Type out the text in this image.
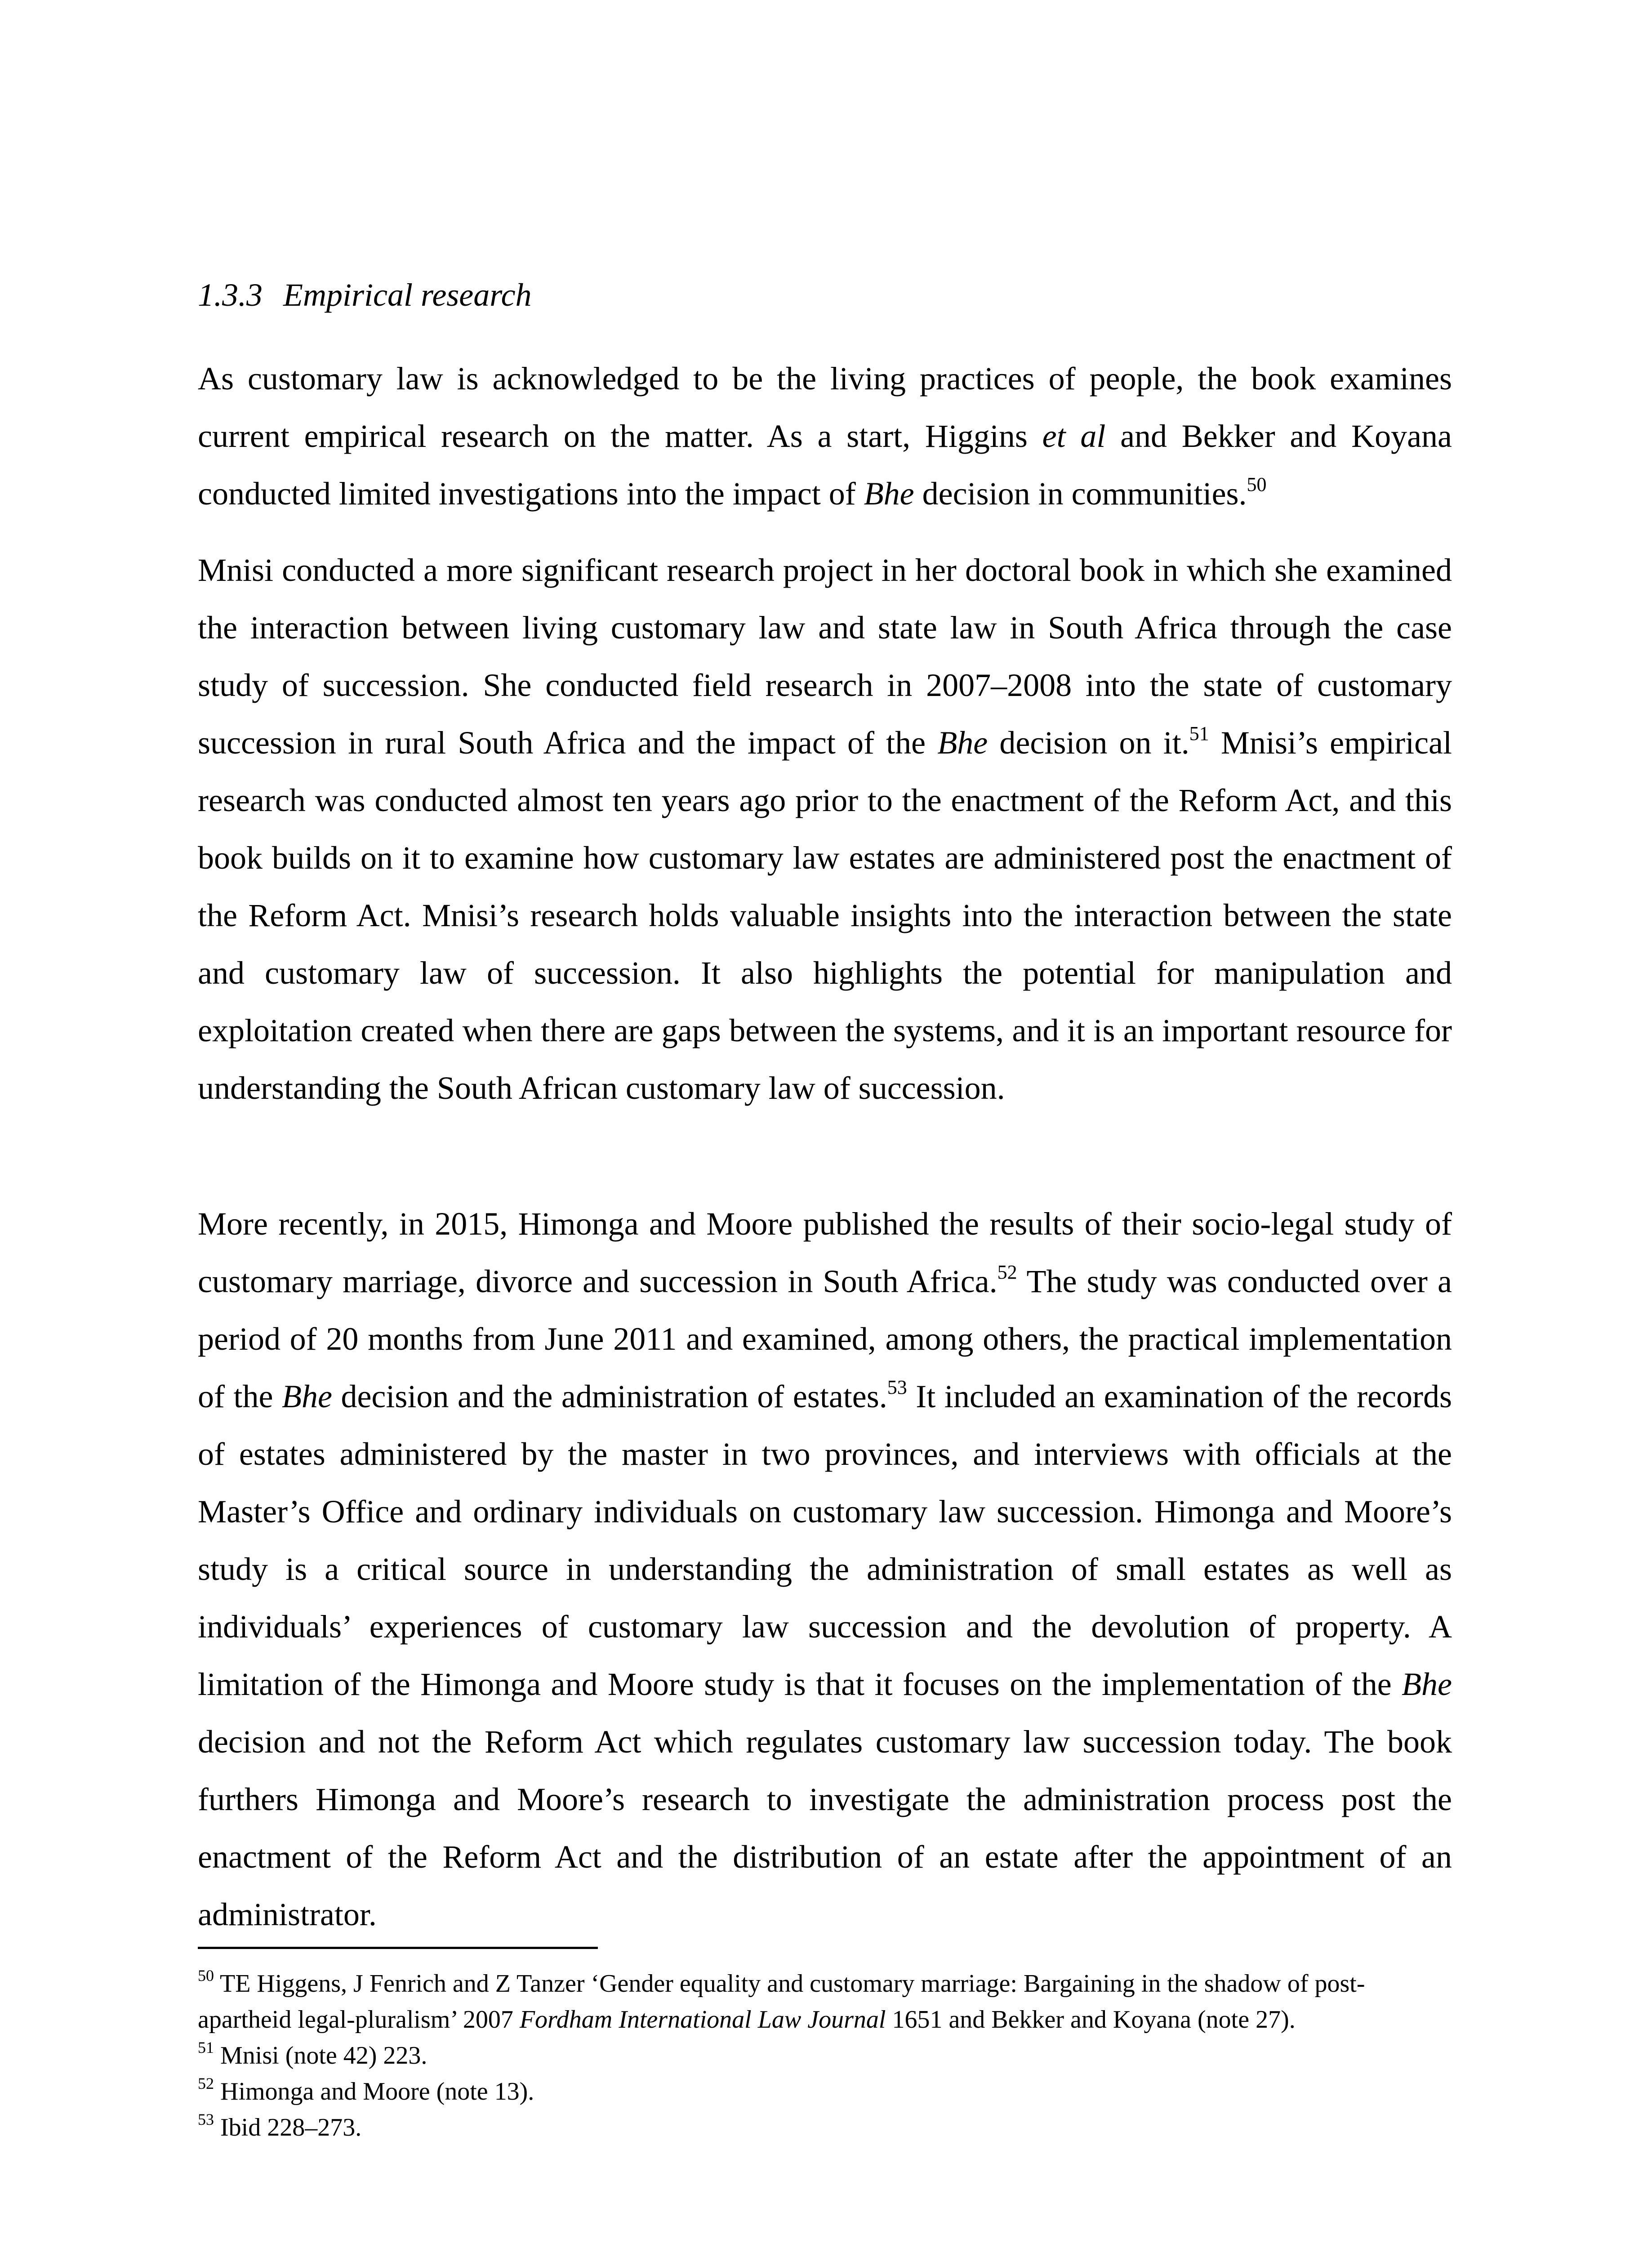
1.3.3 Empirical research
As customary law is acknowledged to be the living practices of people, the book examines current empirical research on the matter. As a start, Higgins et al and Bekker and Koyana conducted limited investigations into the impact of Bhe decision in communities.$^{50}$
Mnisi conducted a more significant research project in her doctoral book in which she examined the interaction between living customary law and state law in South Africa through the case study of succession. She conducted field research in 2007–2008 into the state of customary succession in rural South Africa and the impact of the Bhe decision on it.$^{51}$ Mnisi’s empirical research was conducted almost ten years ago prior to the enactment of the Reform Act, and this book builds on it to examine how customary law estates are administered post the enactment of the Reform Act. Mnisi’s research holds valuable insights into the interaction between the state and customary law of succession. It also highlights the potential for manipulation and exploitation created when there are gaps between the systems, and it is an important resource for understanding the South African customary law of succession.
More recently, in 2015, Himonga and Moore published the results of their socio-legal study of customary marriage, divorce and succession in South Africa.$^{52}$ The study was conducted over a period of 20 months from June 2011 and examined, among others, the practical implementation of the Bhe decision and the administration of estates.$^{53}$ It included an examination of the records of estates administered by the master in two provinces, and interviews with officials at the Master’s Office and ordinary individuals on customary law succession. Himonga and Moore’s study is a critical source in understanding the administration of small estates as well as individuals’ experiences of customary law succession and the devolution of property. A limitation of the Himonga and Moore study is that it focuses on the implementation of the Bhe decision and not the Reform Act which regulates customary law succession today. The book furthers Himonga and Moore’s research to investigate the administration process post the enactment of the Reform Act and the distribution of an estate after the appointment of an administrator.

$^{50}$ TE Higgens, J Fenrich and Z Tanzer ‘Gender equality and customary marriage: Bargaining in the shadow of post-apartheid legal-pluralism’ 2007 Fordham International Law Journal 1651 and Bekker and Koyana (note 27).

$^{51}$ Mnisi (note 42) 223.

$^{52}$ Himonga and Moore (note 13).

$^{53}$ Ibid 228–273.
